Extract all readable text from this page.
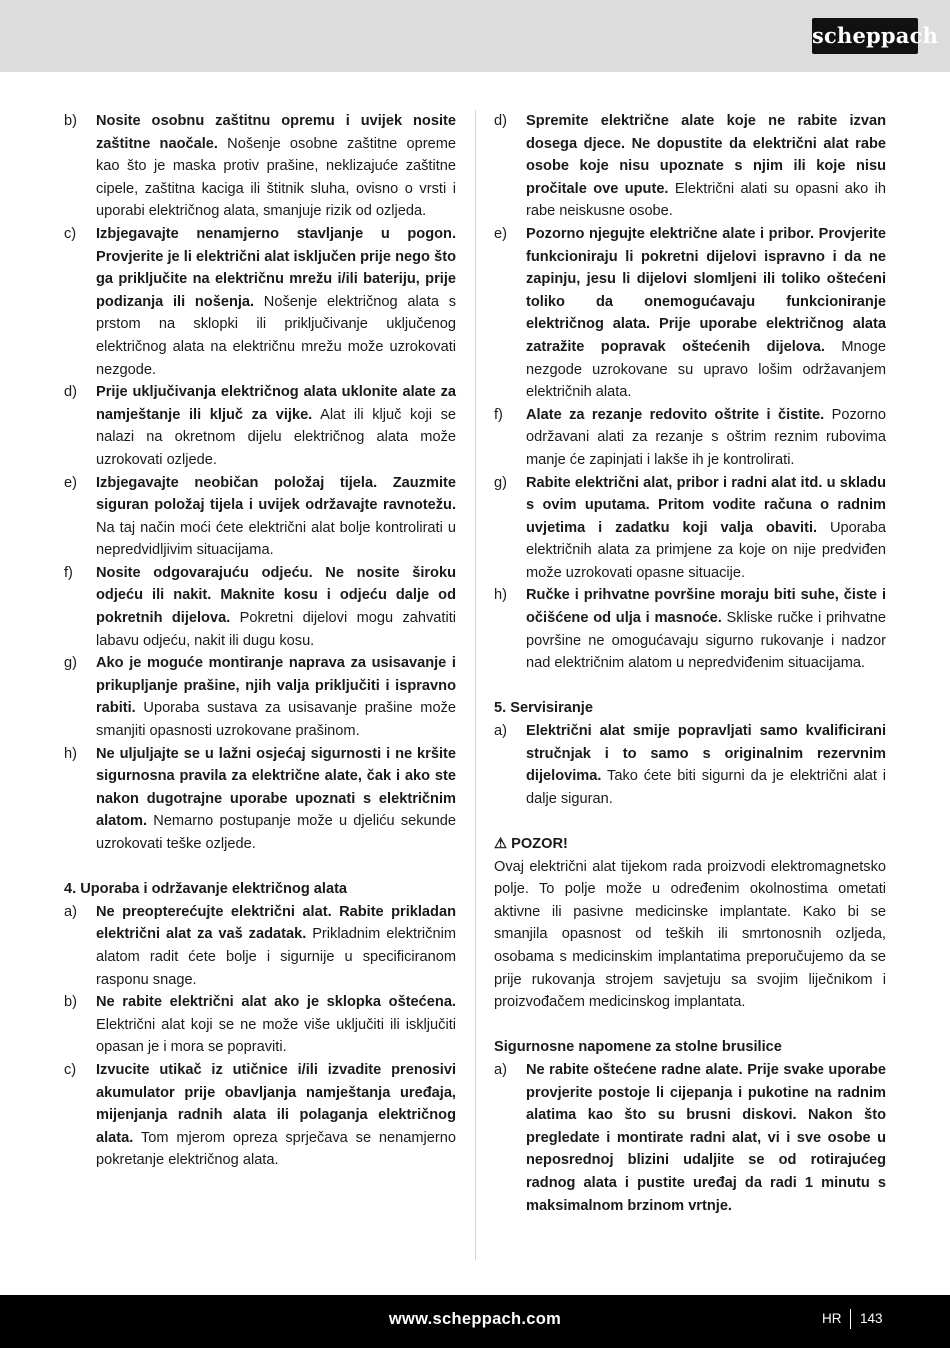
scheppach
b)	Nosite osobnu zaštitnu opremu i uvijek nosite zaštitne naočale. Nošenje osobne zaštitne opreme kao što je maska protiv prašine, neklizajuće zaštitne cipele, zaštitna kaciga ili štitnik sluha, ovisno o vrsti i uporabi električnog alata, smanjuje rizik od ozljeda.
c)	Izbjegavajte nenamjerno stavljanje u pogon. Provjerite je li električni alat isključen prije nego što ga priključite na električnu mrežu i/ili bateriju, prije podizanja ili nošenja. Nošenje električnog alata s prstom na sklopki ili priključivanje uključenog električnog alata na električnu mrežu može uzrokovati nezgode.
d)	Prije uključivanja električnog alata uklonite alate za namještanje ili ključ za vijke. Alat ili ključ koji se nalazi na okretnom dijelu električnog alata može uzrokovati ozljede.
e)	Izbjegavajte neobičan položaj tijela. Zauzmite siguran položaj tijela i uvijek održavajte ravnotežu. Na taj način moći ćete električni alat bolje kontrolirati u nepredvidljivim situacijama.
f)	Nosite odgovarajuću odjeću. Ne nosite široku odjeću ili nakit. Maknite kosu i odjeću dalje od pokretnih dijelova. Pokretni dijelovi mogu zahvatiti labavu odjeću, nakit ili dugu kosu.
g)	Ako je moguće montiranje naprava za usisavanje i prikupljanje prašine, njih valja priključiti i ispravno rabiti. Uporaba sustava za usisavanje prašine može smanjiti opasnosti uzrokovane prašinom.
h)	Ne uljuljajte se u lažni osjećaj sigurnosti i ne kršite sigurnosna pravila za električne alate, čak i ako ste nakon dugotrajne uporabe upoznati s električnim alatom. Nemarno postupanje može u djeliću sekunde uzrokovati teške ozljede.
4. Uporaba i održavanje električnog alata
a)	Ne preopterećujte električni alat. Rabite prikladan električni alat za vaš zadatak. Prikladnim električnim alatom radit ćete bolje i sigurnije u specificiranom rasponu snage.
b)	Ne rabite električni alat ako je sklopka oštećena. Električni alat koji se ne može više uključiti ili isključiti opasan je i mora se popraviti.
c)	Izvucite utikač iz utičnice i/ili izvadite prenosivi akumulator prije obavljanja namještanja uređaja, mijenjanja radnih alata ili polaganja električnog alata. Tom mjerom opreza sprječava se nenamjerno pokretanje električnog alata.
d)	Spremite električne alate koje ne rabite izvan dosega djece. Ne dopustite da električni alat rabe osobe koje nisu upoznate s njim ili koje nisu pročitale ove upute. Električni alati su opasni ako ih rabe neiskusne osobe.
e)	Pozorno njegujte električne alate i pribor. Provjerite funkcioniraju li pokretni dijelovi ispravno i da ne zapinju, jesu li dijelovi slomljeni ili toliko oštećeni toliko da onemogućavaju funkcioniranje električnog alata. Prije uporabe električnog alata zatražite popravak oštećenih dijelova. Mnoge nezgode uzrokovane su upravo lošim održavanjem električnih alata.
f)	Alate za rezanje redovito oštrite i čistite. Pozorno održavani alati za rezanje s oštrim reznim rubovima manje će zapinjati i lakše ih je kontrolirati.
g)	Rabite električni alat, pribor i radni alat itd. u skladu s ovim uputama. Pritom vodite računa o radnim uvjetima i zadatku koji valja obaviti. Uporaba električnih alata za primjene za koje on nije predviđen može uzrokovati opasne situacije.
h)	Ručke i prihvatne površine moraju biti suhe, čiste i očišćene od ulja i masnoće. Skliske ručke i prihvatne površine ne omogućavaju sigurno rukovanje i nadzor nad električnim alatom u nepredviđenim situacijama.
5. Servisiranje
a)	Električni alat smije popravljati samo kvalificirani stručnjak i to samo s originalnim rezervnim dijelovima. Tako ćete biti sigurni da je električni alat i dalje siguran.
⚠ POZOR!
Ovaj električni alat tijekom rada proizvodi elektromagnetsko polje. To polje može u određenim okolnostima ometati aktivne ili pasivne medicinske implantate. Kako bi se smanjila opasnost od teških ili smrtonosnih ozljeda, osobama s medicinskim implantatima preporučujemo da se prije rukovanja strojem savjetuju sa svojim liječnikom i proizvođačem medicinskog implantata.
Sigurnosne napomene za stolne brusilice
a)	Ne rabite oštećene radne alate. Prije svake uporabe provjerite postoje li cijepanja i pukotine na radnim alatima kao što su brusni diskovi. Nakon što pregledate i montirate radni alat, vi i sve osobe u neposrednoj blizini udaljite se od rotirajućeg radnog alata i pustite uređaj da radi 1 minutu s maksimalnom brzinom vrtnje.
www.scheppach.com	HR	143
